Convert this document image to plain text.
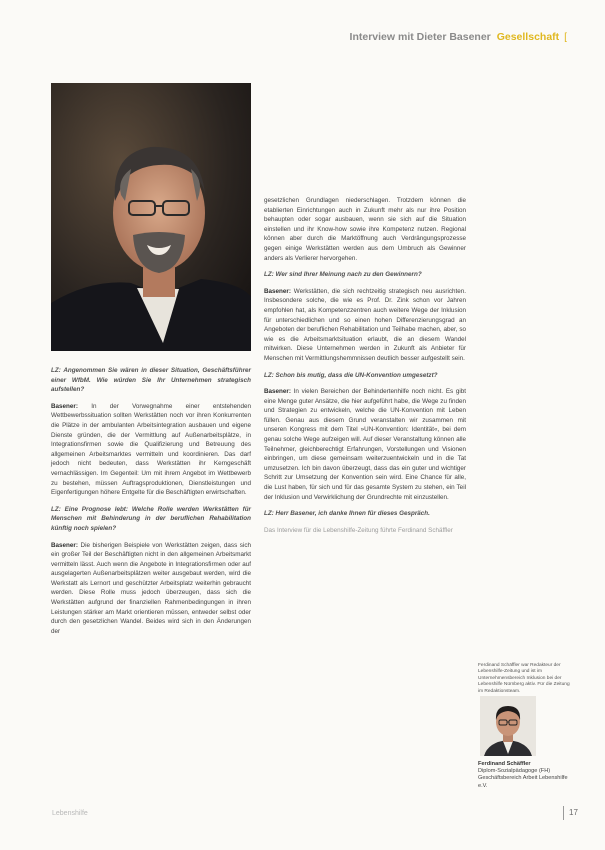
Interview mit Dieter Basener Gesellschaft [

LZ: Angenommen Sie wären in dieser Situation, Geschäftsführer einer WfbM. Wie würden Sie Ihr Unternehmen strategisch aufstellen?

Basener: In der Vorwegnahme einer entstehenden Wettbewerbssituation sollten Werkstätten noch vor ihren Konkurrenten die Plätze in der ambulanten Arbeitsintegration ausbauen und eigene Dienste gründen, die der Vermittlung auf Außenarbeitsplätze, in Integrationsfirmen sowie die Qualifizierung und Betreuung des allgemeinen Arbeitsmarktes vermitteln und koordinieren. Das darf jedoch nicht bedeuten, dass Werkstätten ihr Kerngeschäft vernachlässigen. Im Gegenteil: Um mit ihrem Angebot im Wettbewerb zu bestehen, müssen Auftragsproduktionen, Dienstleistungen und Eigenfertigungen höhere Entgelte für die Beschäftigten erwirtschaften.

LZ: Eine Prognose lebt: Welche Rolle werden Werkstätten für Menschen mit Behinderung in der beruflichen Rehabilitation künftig noch spielen?

Basener: Die bisherigen Beispiele von Werkstätten zeigen, dass sich ein großer Teil der Beschäftigten nicht in den allgemeinen Arbeitsmarkt vermitteln lässt. Auch wenn die Angebote in Integrationsfirmen oder auf ausgelagerten Außenarbeitsplätzen weiter ausgebaut werden, wird die Werkstatt als Lernort und geschützter Arbeitsplatz weiterhin gebraucht werden. Diese Rolle muss jedoch überzeugen, dass sich die Werkstätten aufgrund der finanziellen Rahmenbedingungen in ihren Leistungen stärker am Markt orientieren müssen, entweder selbst oder durch den gesetzlichen Wandel. Beides wird sich in den Änderungen der

gesetzlichen Grundlagen niederschlagen. Trotzdem können die etablierten Einrichtungen auch in Zukunft mehr als nur ihre Position behaupten oder sogar ausbauen, wenn sie sich auf die Situation einstellen und ihr Know-how sowie ihre Kompetenz nutzen. Regional können aber durch die Marktöffnung auch Verdrängungsprozesse gegen einige Werkstätten werden aus dem Umbruch als Gewinner anders als Verlierer hervorgehen.

LZ: Wer sind Ihrer Meinung nach zu den Gewinnern?

Basener: Werkstätten, die sich rechtzeitig strategisch neu ausrichten. Insbesondere solche, die wie es Prof. Dr. Zink schon vor Jahren empfohlen hat, als Kompetenzzentren auch weitere Wege der Inklusion für unterschiedlichen und so einen hohen Differenzierungsgrad an Angeboten der beruflichen Rehabilitation und Teilhabe machen, aber, so wie es die Arbeitsmarktsituation erlaubt, die an diesem Wandel mitwirken. Diese Unternehmen werden in Zukunft als Anbieter für Menschen mit Vermittlungshemmnissen deutlich besser aufgestellt sein.

LZ: Schon bis mutig, dass die UN-Konvention umgesetzt?

Basener: In vielen Bereichen der Behindertenhilfe noch nicht. Es gibt eine Menge guter Ansätze, die hier aufgeführt habe, die Wege zu finden und Strategien zu entwickeln, welche die UN-Konvention mit Leben füllen. Genau aus diesem Grund veranstalten wir zusammen mit unseren Kongress mit dem Titel »UN-Konvention: Identität«, bei dem genau solche Wege aufzeigen will. Auf dieser Veranstaltung können alle Teilnehmer, gleichberechtigt Erfahrungen, Vorstellungen und Visionen einbringen, um diese gemeinsam weiterzuentwickeln und in die Tat umzusetzen. Ich bin davon überzeugt, dass das ein guter und wichtiger Schritt zur Umsetzung der Konvention sein wird. Eine Chance für alle, die Lust haben, für sich und für das gesamte System zu stehen, ein Teil der Inklusion und Verwirklichung der Grundrechte mit einzustellen.

LZ: Herr Basener, ich danke Ihnen für dieses Gespräch.

Das Interview für die Lebenshilfe-Zeitung führte Ferdinand Schäffler

Ferdinand Schäffler war Redakteur der Lebenshilfe-Zeitung und ist im Unternehmensbereich Inklusion bei der Lebenshilfe Nürnberg aktiv. Für die Zeitung im Redaktionsteam.
Ferdinand Schäffler
Diplom-Sozialpädagoge (FH) Geschäftsbereich Arbeit Lebenshilfe e.V.
Lebenshilfe	17
